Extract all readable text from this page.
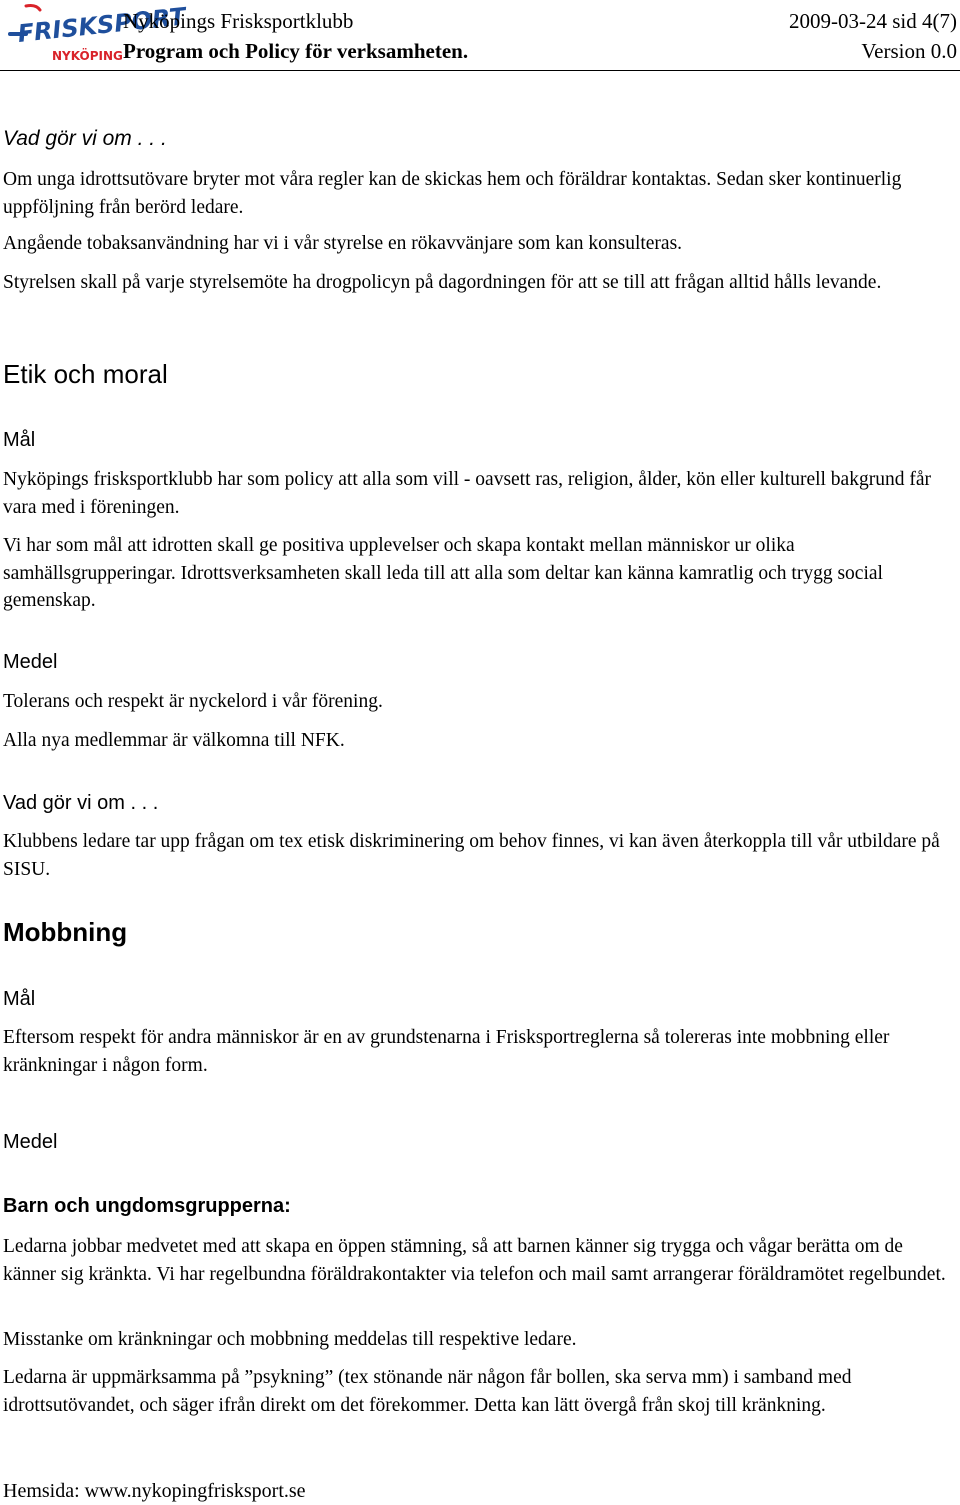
FRISKSPORT
NYKÖPING
Nyköpings Frisksportklubb
Program och Policy för verksamheten.
2009-03-24 sid 4(7)
Version 0.0
Vad gör vi om . . .

Om unga idrottsutövare bryter mot våra regler kan de skickas hem och föräldrar kontaktas. Sedan sker kontinuerlig uppföljning från berörd ledare.

Angående tobaksanvändning har vi i vår styrelse en rökavvänjare som kan konsulteras.

Styrelsen skall på varje styrelsemöte ha drogpolicyn på dagordningen för att se till att frågan alltid hålls levande.

Etik och moral
Mål

Nyköpings frisksportklubb har som policy att alla som vill - oavsett ras, religion, ålder, kön eller kulturell bakgrund får vara med i föreningen.

Vi har som mål att idrotten skall ge positiva upplevelser och skapa kontakt mellan människor ur olika samhällsgrupperingar. Idrottsverksamheten skall leda till att alla som deltar kan känna kamratlig och trygg social gemenskap.

Medel

Tolerans och respekt är nyckelord i vår förening.

Alla nya medlemmar är välkomna till NFK.

Vad gör vi om . . .

Klubbens ledare tar upp frågan om tex etisk diskriminering om behov finnes, vi kan även återkoppla till vår utbildare på SISU.

Mobbning
Mål

Eftersom respekt för andra människor är en av grundstenarna i Frisksportreglerna så tolereras inte mobbning eller kränkningar i någon form.

Medel
Barn och ungdomsgrupperna:

Ledarna jobbar medvetet med att skapa en öppen stämning, så att barnen känner sig trygga och vågar berätta om de känner sig kränkta. Vi har regelbundna föräldrakontakter via telefon och mail samt arrangerar föräldramötet regelbundet.

Misstanke om kränkningar och mobbning meddelas till respektive ledare.

Ledarna är uppmärksamma på ”psykning” (tex stönande när någon får bollen, ska serva mm) i samband med idrottsutövandet, och säger ifrån direkt om det förekommer. Detta kan lätt övergå från skoj till kränkning.

Hemsida: www.nykopingfrisksport.se
